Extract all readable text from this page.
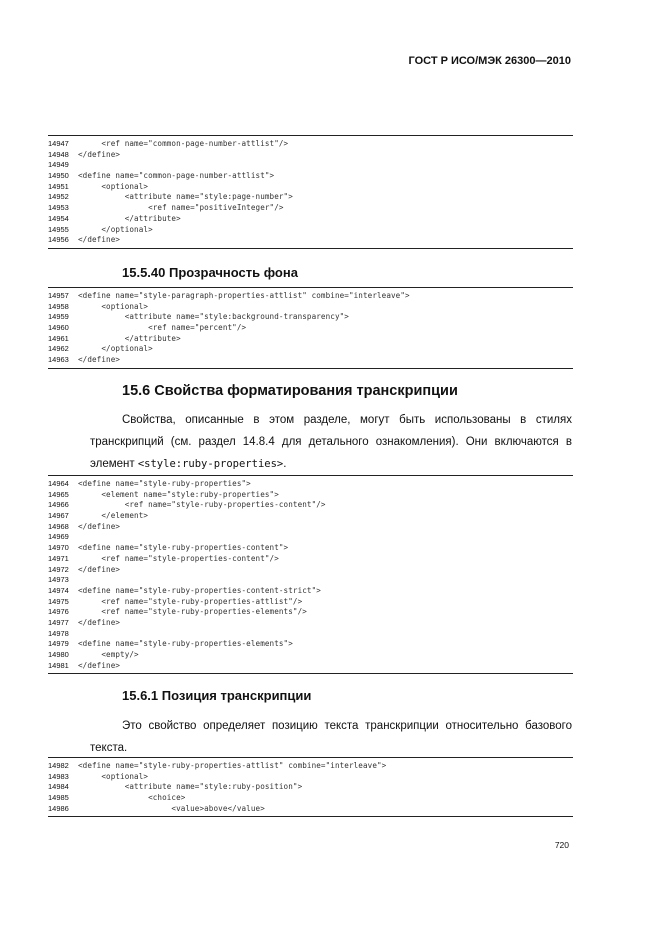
ГОСТ Р ИСО/МЭК 26300—2010
14947	<ref name="common-page-number-attlist"/>
14948	</define>
14949
14950	<define name="common-page-number-attlist">
14951	<optional>
14952	<attribute name="style:page-number">
14953	<ref name="positiveInteger"/>
14954	</attribute>
14955	</optional>
14956	</define>
15.5.40 Прозрачность фона
14957	<define name="style-paragraph-properties-attlist" combine="interleave">
14958	<optional>
14959	<attribute name="style:background-transparency">
14960	<ref name="percent"/>
14961	</attribute>
14962	</optional>
14963	</define>
15.6 Свойства форматирования транскрипции

Свойства, описанные в этом разделе, могут быть использованы в стилях транскрипций (см. раздел 14.8.4 для детального ознакомления). Они включаются в элемент <style:ruby-properties>.

14964	<define name="style-ruby-properties">
14965	<element name="style:ruby-properties">
14966	<ref name="style-ruby-properties-content"/>
14967	</element>
14968	</define>
14969
14970	<define name="style-ruby-properties-content">
14971	<ref name="style-properties-content"/>
14972	</define>
14973
14974	<define name="style-ruby-properties-content-strict">
14975	<ref name="style-ruby-properties-attlist"/>
14976	<ref name="style-ruby-properties-elements"/>
14977	</define>
14978
14979	<define name="style-ruby-properties-elements">
14980	<empty/>
14981	</define>
15.6.1 Позиция транскрипции

Это свойство определяет позицию текста транскрипции относительно базового текста.

14982	<define name="style-ruby-properties-attlist" combine="interleave">
14983	<optional>
14984	<attribute name="style:ruby-position">
14985	<choice>
14986	<value>above</value>
720
